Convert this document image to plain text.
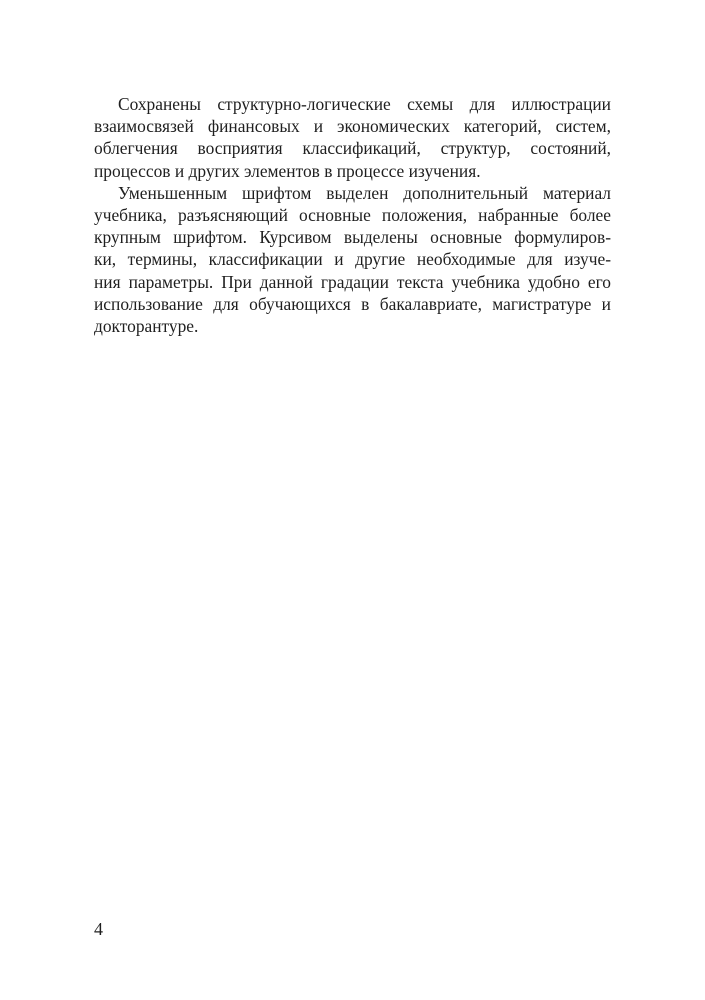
Сохранены структурно-логические схемы для иллюстрации
взаимосвязей финансовых и экономических категорий, систем,
облегчения восприятия классификаций, структур, состояний,
процессов и других элементов в процессе изучения.
Уменьшенным шрифтом выделен дополнительный материал
учебника, разъясняющий основные положения, набранные более
крупным шрифтом. Курсивом выделены основные формулиров-
ки, термины, классификации и другие необходимые для изуче-
ния параметры. При данной градации текста учебника удобно его
использование для обучающихся в бакалавриате, магистратуре и
докторантуре.
4
